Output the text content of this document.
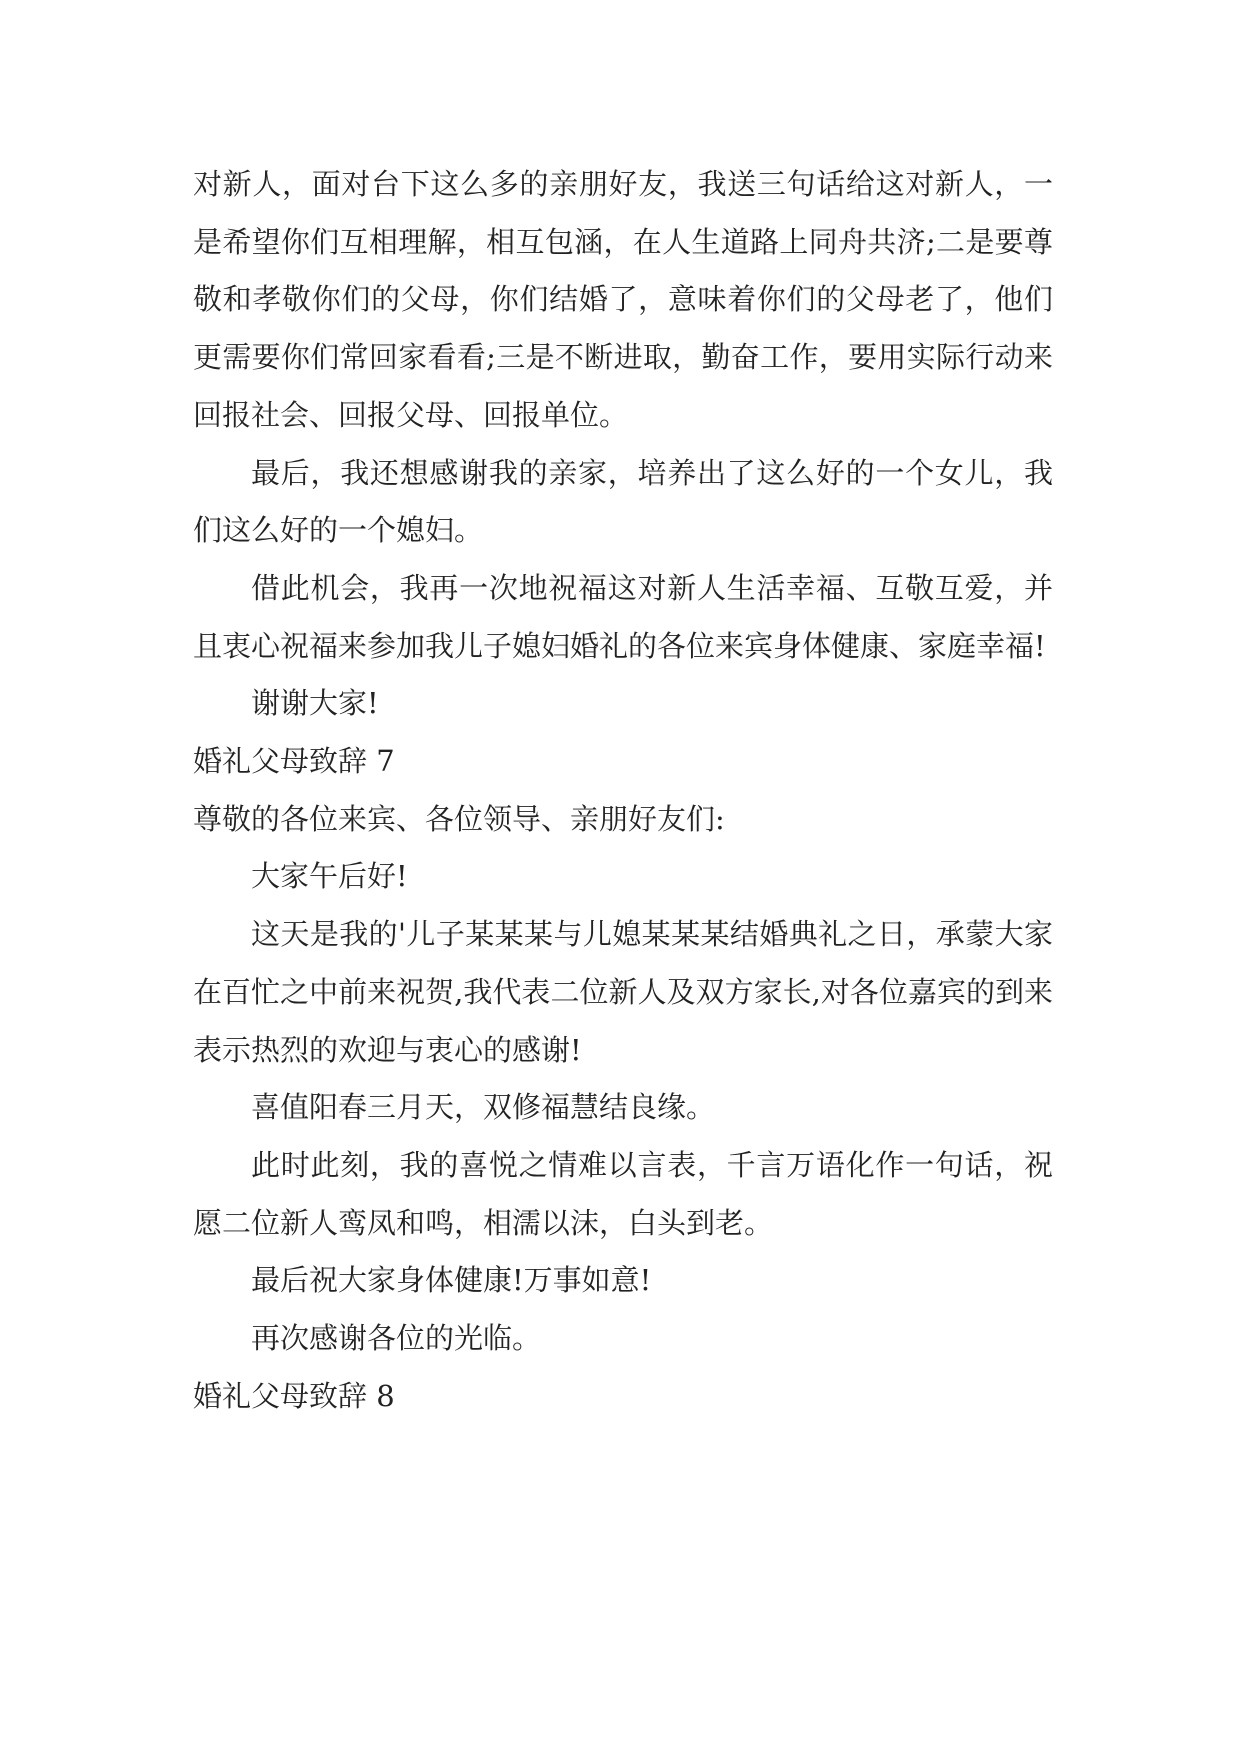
对新人，面对台下这么多的亲朋好友，我送三句话给这对新人，一是希望你们互相理解，相互包涵，在人生道路上同舟共济;二是要尊敬和孝敬你们的父母，你们结婚了，意味着你们的父母老了，他们更需要你们常回家看看;三是不断进取，勤奋工作，要用实际行动来回报社会、回报父母、回报单位。

最后，我还想感谢我的亲家，培养出了这么好的一个女儿，我们这么好的一个媳妇。

借此机会，我再一次地祝福这对新人生活幸福、互敬互爱，并且衷心祝福来参加我儿子媳妇婚礼的各位来宾身体健康、家庭幸福!

谢谢大家!

婚礼父母致辞 7

尊敬的各位来宾、各位领导、亲朋好友们:

大家午后好!

这天是我的'儿子某某某与儿媳某某某结婚典礼之日，承蒙大家在百忙之中前来祝贺,我代表二位新人及双方家长,对各位嘉宾的到来表示热烈的欢迎与衷心的感谢!

喜值阳春三月天，双修福慧结良缘。

此时此刻，我的喜悦之情难以言表，千言万语化作一句话，祝愿二位新人鸾凤和鸣，相濡以沫，白头到老。

最后祝大家身体健康!万事如意!

再次感谢各位的光临。

婚礼父母致辞 8
